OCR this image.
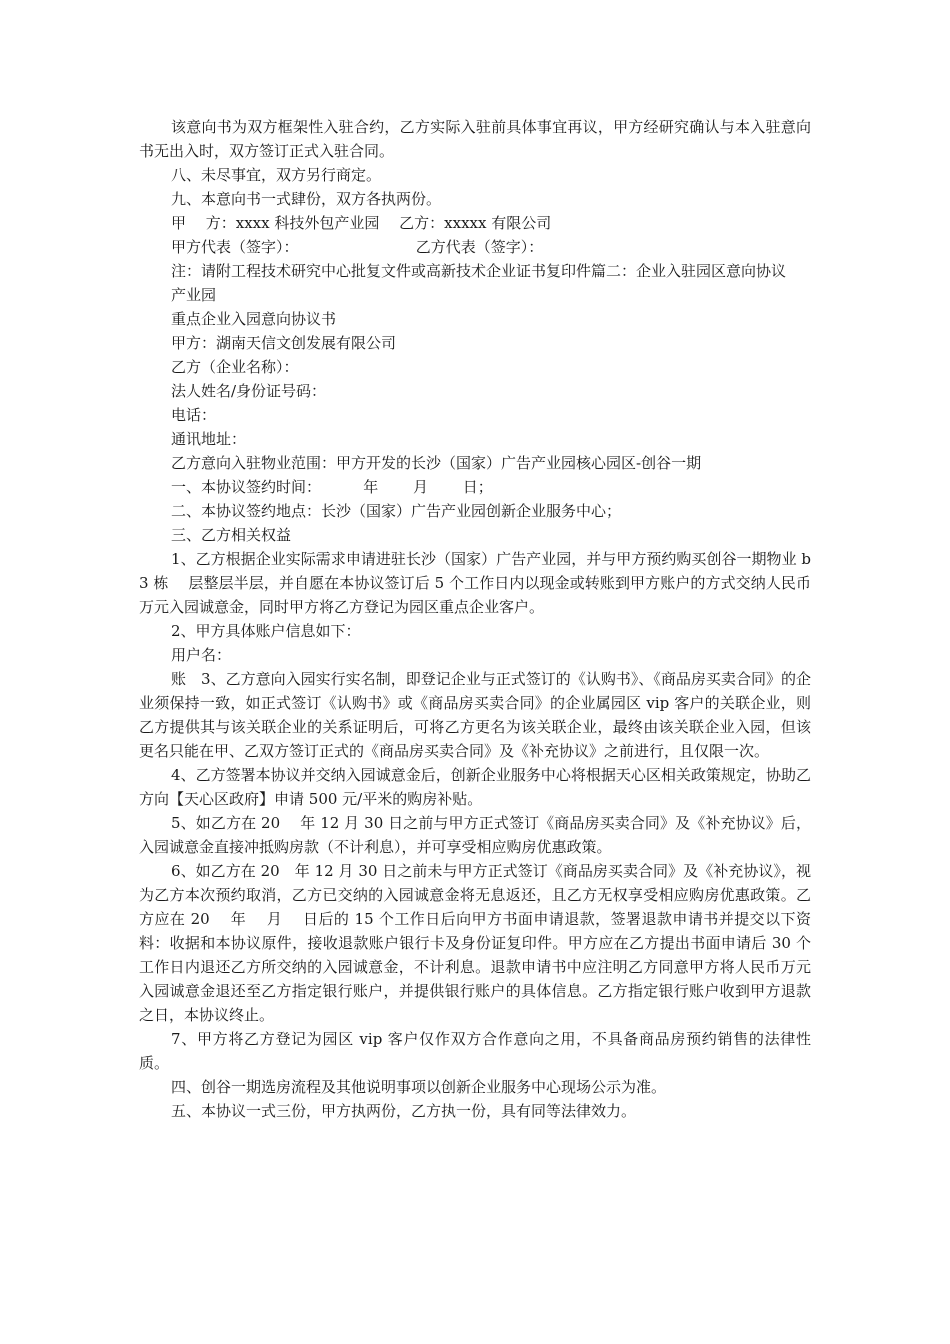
该意向书为双方框架性入驻合约，乙方实际入驻前具体事宜再议，甲方经研究确认与本入驻意向书无出入时，双方签订正式入驻合同。

八、未尽事宜，双方另行商定。

九、本意向书一式肆份，双方各执两份。

甲　 方：xxxx 科技外包产业园　 乙方：xxxxx 有限公司

甲方代表（签字）：　　　　　　　　 乙方代表（签字）：

注：请附工程技术研究中心批复文件或高新技术企业证书复印件篇二：企业入驻园区意向协议

产业园

重点企业入园意向协议书

甲方：湖南天信文创发展有限公司

乙方（企业名称）：

法人姓名/身份证号码：

电话：

通讯地址：

乙方意向入驻物业范围：甲方开发的长沙（国家）广告产业园核心园区-创谷一期

一、本协议签约时间：　　　 年　　 月　　 日；

二、本协议签约地点：长沙（国家）广告产业园创新企业服务中心；

三、乙方相关权益

1、乙方根据企业实际需求申请进驻长沙（国家）广告产业园，并与甲方预约购买创谷一期物业 b3 栋　 层整层半层，并自愿在本协议签订后 5 个工作日内以现金或转账到甲方账户的方式交纳人民币万元入园诚意金，同时甲方将乙方登记为园区重点企业客户。

2、甲方具体账户信息如下：

用户名：

账　3、乙方意向入园实行实名制，即登记企业与正式签订的《认购书》、《商品房买卖合同》的企业须保持一致，如正式签订《认购书》或《商品房买卖合同》的企业属园区 vip 客户的关联企业，则乙方提供其与该关联企业的关系证明后，可将乙方更名为该关联企业，最终由该关联企业入园，但该更名只能在甲、乙双方签订正式的《商品房买卖合同》及《补充协议》之前进行，且仅限一次。

4、乙方签署本协议并交纳入园诚意金后，创新企业服务中心将根据天心区相关政策规定，协助乙方向【天心区政府】申请 500 元/平米的购房补贴。

5、如乙方在 20　 年 12 月 30 日之前与甲方正式签订《商品房买卖合同》及《补充协议》后，入园诚意金直接冲抵购房款（不计利息），并可享受相应购房优惠政策。

6、如乙方在 20　年 12 月 30 日之前未与甲方正式签订《商品房买卖合同》及《补充协议》，视为乙方本次预约取消，乙方已交纳的入园诚意金将无息返还，且乙方无权享受相应购房优惠政策。乙方应在 20　 年　 月　 日后的 15 个工作日后向甲方书面申请退款，签署退款申请书并提交以下资料：收据和本协议原件，接收退款账户银行卡及身份证复印件。甲方应在乙方提出书面申请后 30 个工作日内退还乙方所交纳的入园诚意金，不计利息。退款申请书中应注明乙方同意甲方将人民币万元入园诚意金退还至乙方指定银行账户，并提供银行账户的具体信息。乙方指定银行账户收到甲方退款之日，本协议终止。

7、甲方将乙方登记为园区 vip 客户仅作双方合作意向之用，不具备商品房预约销售的法律性质。

四、创谷一期选房流程及其他说明事项以创新企业服务中心现场公示为准。

五、本协议一式三份，甲方执两份，乙方执一份，具有同等法律效力。
